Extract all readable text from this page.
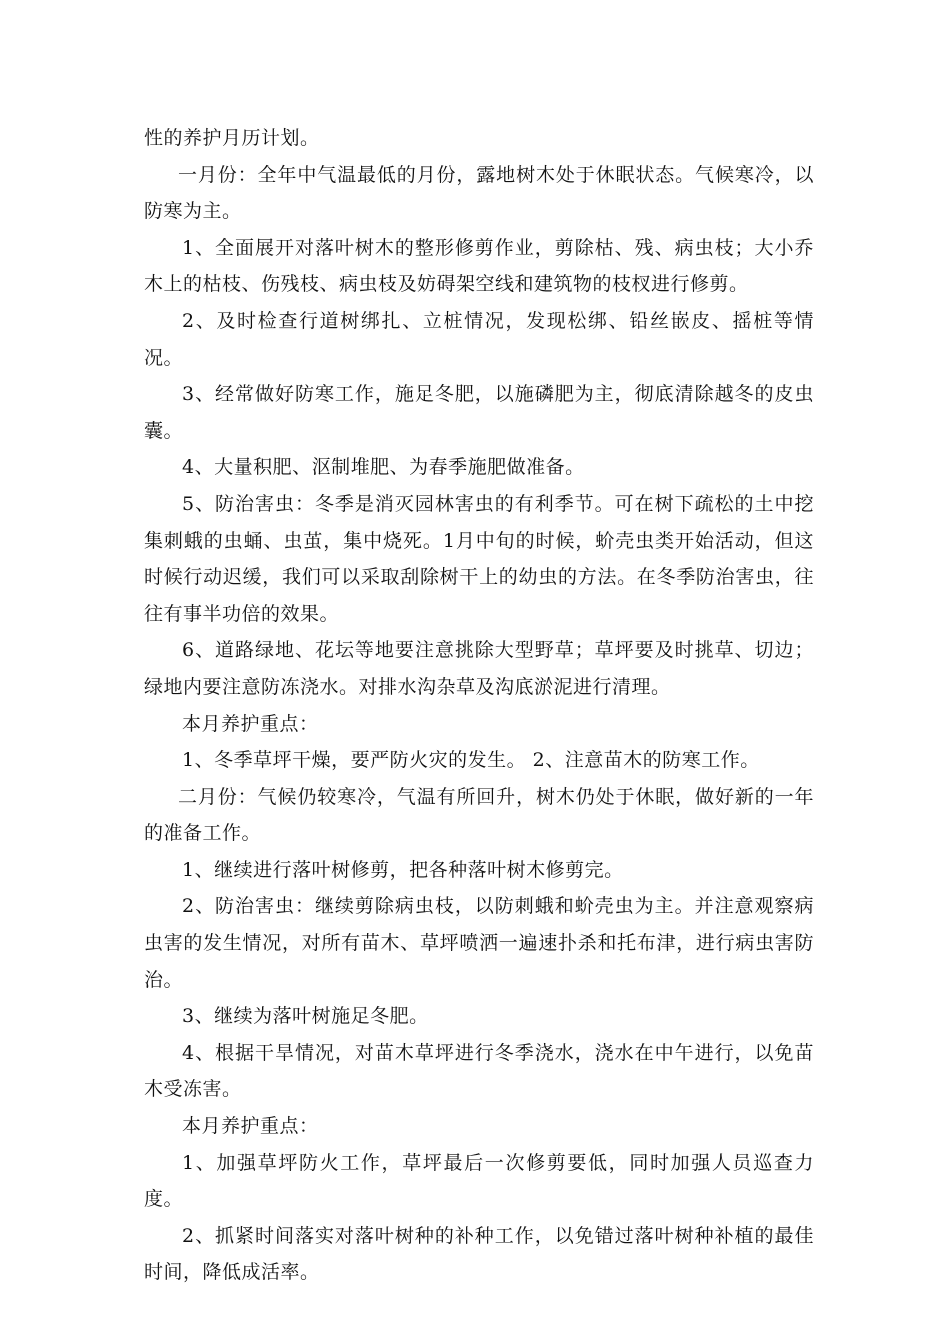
性的养护月历计划。

一月份：全年中气温最低的月份，露地树木处于休眠状态。气候寒冷，以防寒为主。

1、全面展开对落叶树木的整形修剪作业，剪除枯、残、病虫枝；大小乔木上的枯枝、伤残枝、病虫枝及妨碍架空线和建筑物的枝杈进行修剪。

2、及时检查行道树绑扎、立桩情况，发现松绑、铅丝嵌皮、摇桩等情况。

3、经常做好防寒工作，施足冬肥，以施磷肥为主，彻底清除越冬的皮虫囊。

4、大量积肥、沤制堆肥、为春季施肥做准备。

5、防治害虫：冬季是消灭园林害虫的有利季节。可在树下疏松的土中挖集刺蛾的虫蛹、虫茧，集中烧死。1月中旬的时候，蚧壳虫类开始活动，但这时候行动迟缓，我们可以采取刮除树干上的幼虫的方法。在冬季防治害虫，往往有事半功倍的效果。

6、道路绿地、花坛等地要注意挑除大型野草；草坪要及时挑草、切边；绿地内要注意防冻浇水。对排水沟杂草及沟底淤泥进行清理。

本月养护重点：

1、冬季草坪干燥，要严防火灾的发生。 2、注意苗木的防寒工作。

二月份：气候仍较寒冷，气温有所回升，树木仍处于休眠，做好新的一年的准备工作。

1、继续进行落叶树修剪，把各种落叶树木修剪完。

2、防治害虫：继续剪除病虫枝，以防刺蛾和蚧壳虫为主。并注意观察病虫害的发生情况，对所有苗木、草坪喷洒一遍速扑杀和托布津，进行病虫害防治。

3、继续为落叶树施足冬肥。

4、根据干旱情况，对苗木草坪进行冬季浇水，浇水在中午进行，以免苗木受冻害。

本月养护重点：

1、加强草坪防火工作，草坪最后一次修剪要低，同时加强人员巡查力度。

2、抓紧时间落实对落叶树种的补种工作，以免错过落叶树种补植的最佳时间，降低成活率。
